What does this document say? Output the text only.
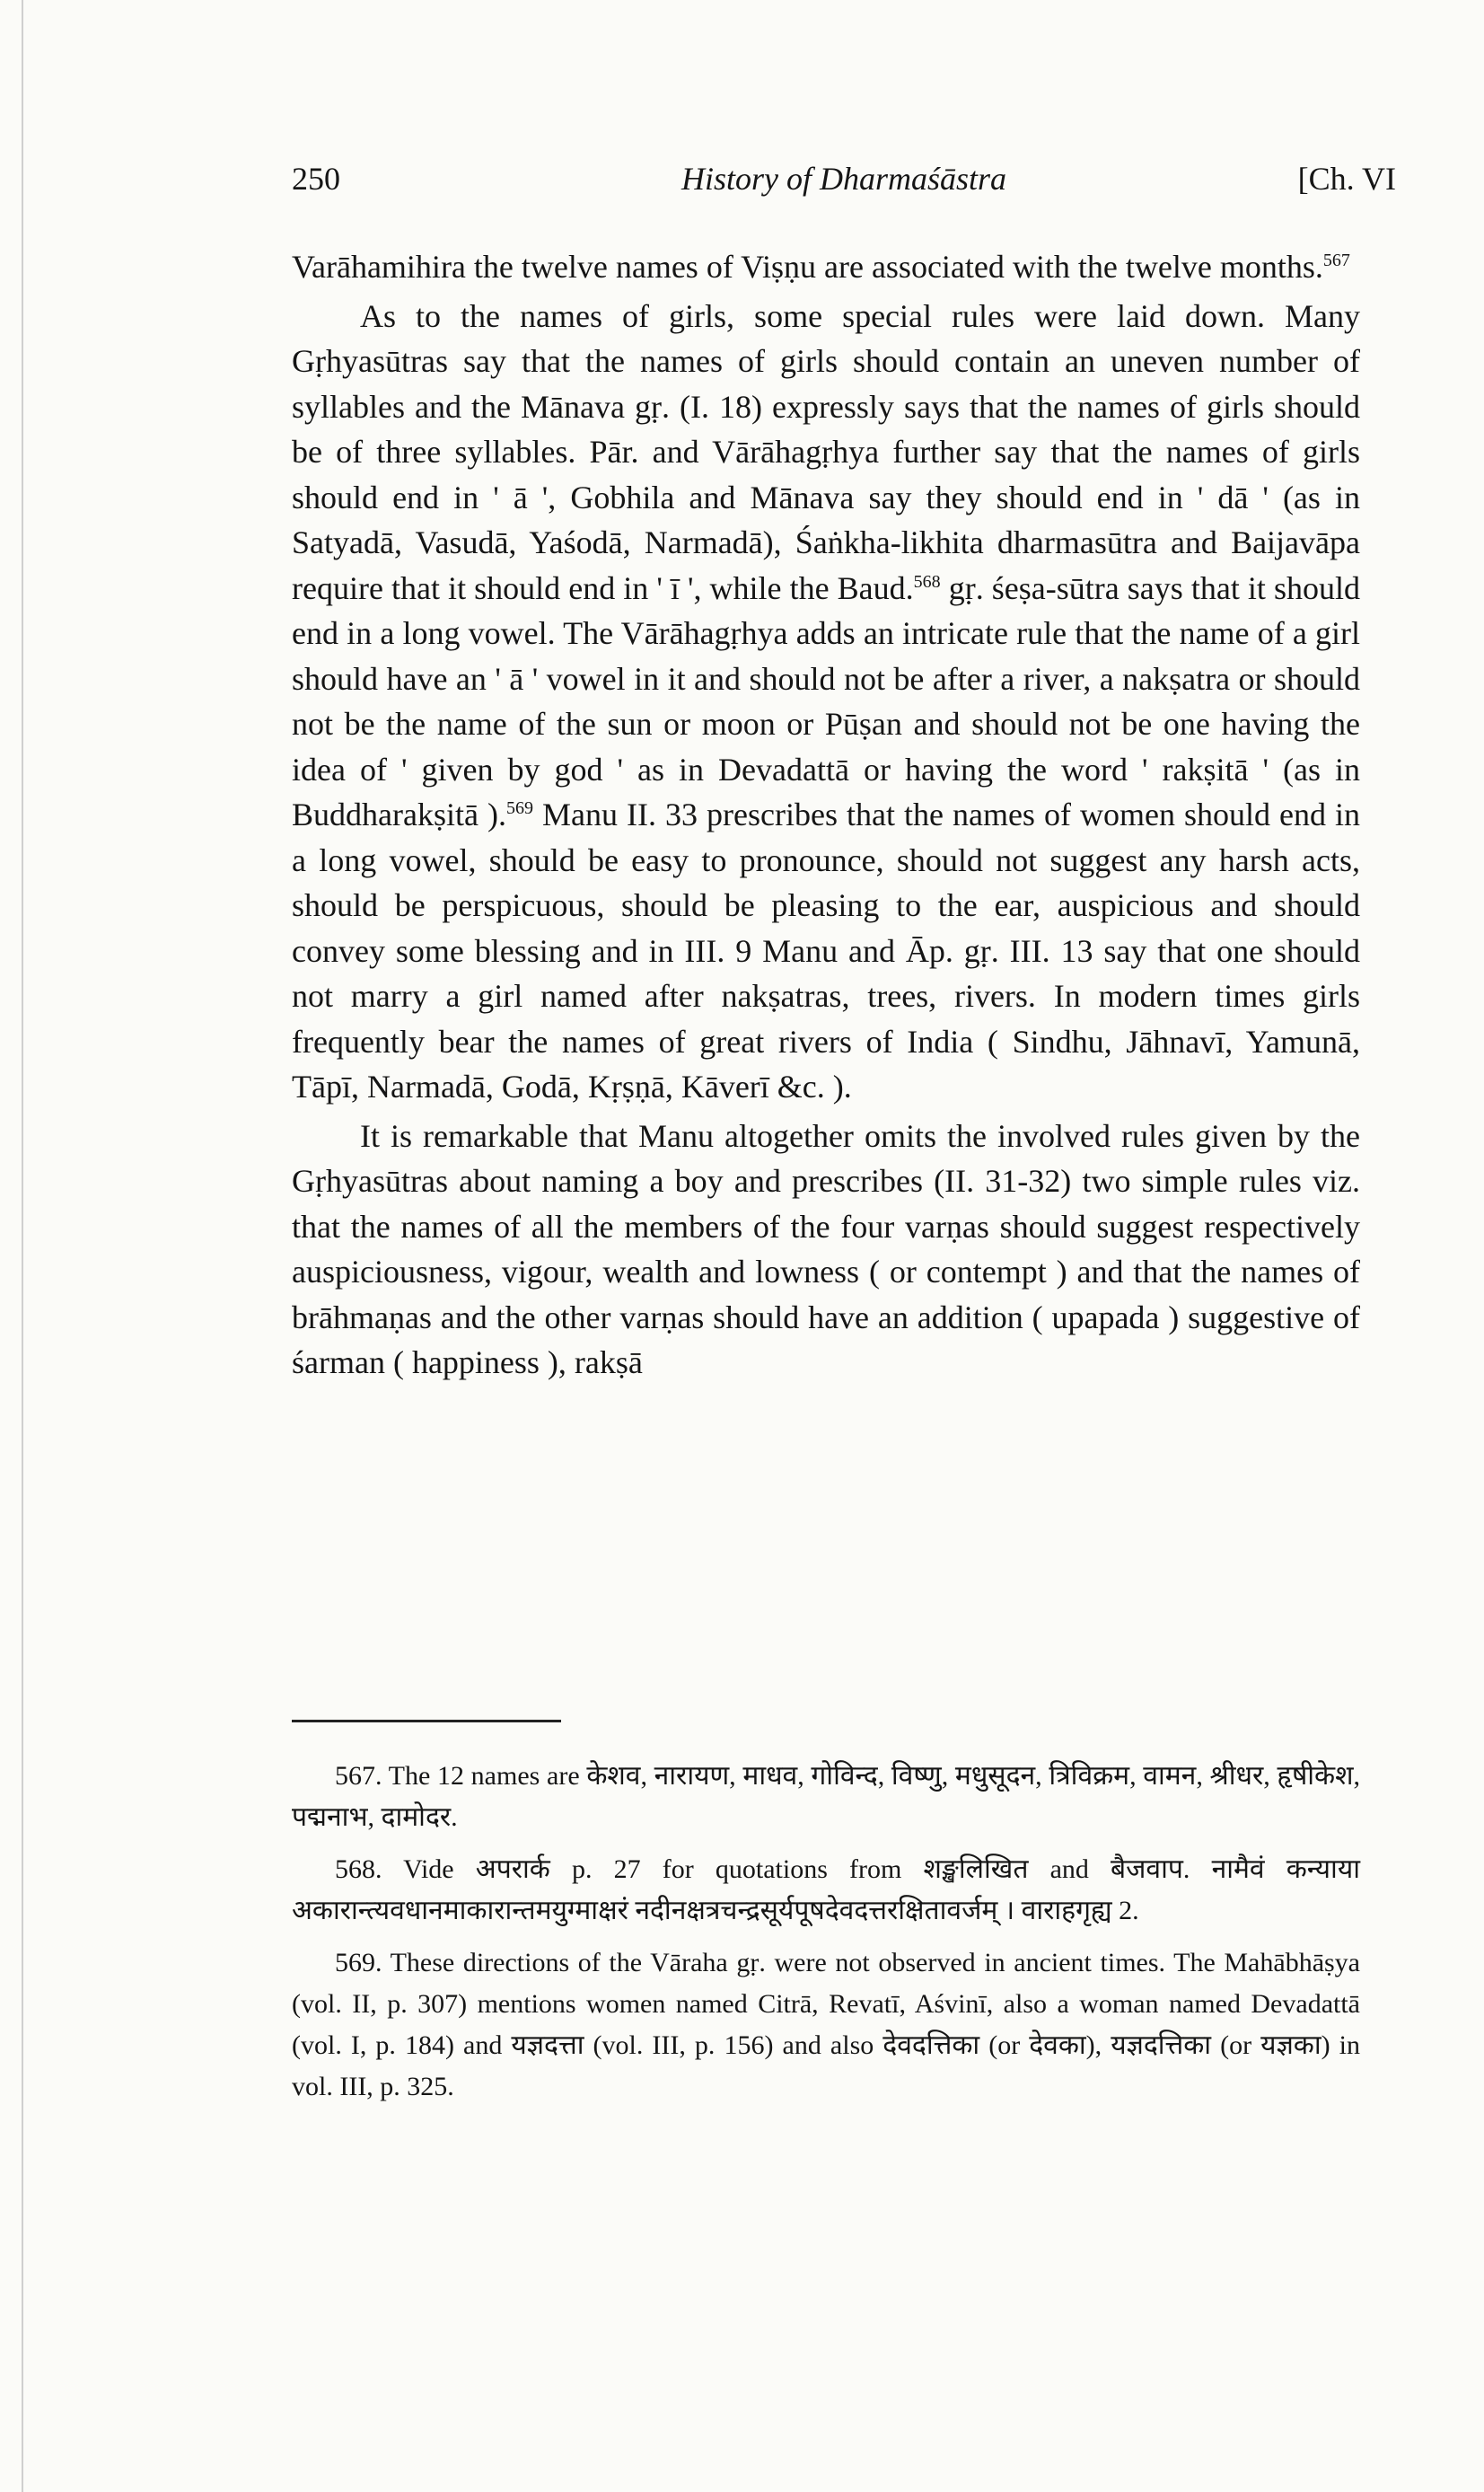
250	History of Dharmaśāstra	[Ch. VI

Varāhamihira the twelve names of Viṣṇu are associated with the twelve months.$^{567}$

As to the names of girls, some special rules were laid down. Many Gṛhyasūtras say that the names of girls should contain an uneven number of syllables and the Mānava gṛ. (I. 18) expressly says that the names of girls should be of three syllables. Pār. and Vārāhagṛhya further say that the names of girls should end in ' ā ', Gobhila and Mānava say they should end in ' dā ' (as in Satyadā, Vasudā, Yaśodā, Narmadā), Śaṅkha-likhita dharmasūtra and Baijavāpa require that it should end in ' ī ', while the Baud.$^{568}$ gṛ. śeṣa-sūtra says that it should end in a long vowel. The Vārāhagṛhya adds an intricate rule that the name of a girl should have an ' ā ' vowel in it and should not be after a river, a nakṣatra or should not be the name of the sun or moon or Pūṣan and should not be one having the idea of ' given by god ' as in Devadattā or having the word ' rakṣitā ' (as in Buddharakṣitā ).$^{569}$ Manu II. 33 prescribes that the names of women should end in a long vowel, should be easy to pronounce, should not suggest any harsh acts, should be perspicuous, should be pleasing to the ear, auspicious and should convey some blessing and in III. 9 Manu and Āp. gṛ. III. 13 say that one should not marry a girl named after nakṣatras, trees, rivers. In modern times girls frequently bear the names of great rivers of India ( Sindhu, Jāhnavī, Yamunā, Tāpī, Narmadā, Godā, Kṛṣṇā, Kāverī &c. ).

It is remarkable that Manu altogether omits the involved rules given by the Gṛhyasūtras about naming a boy and prescribes (II. 31-32) two simple rules viz. that the names of all the members of the four varṇas should suggest respectively auspiciousness, vigour, wealth and lowness ( or contempt ) and that the names of brāhmaṇas and the other varṇas should have an addition ( upapada ) suggestive of śarman ( happiness ), rakṣā

567. The 12 names are केशव, नारायण, माधव, गोविन्द, विष्णु, मधुसूदन, त्रिविक्रम, वामन, श्रीधर, हृषीकेश, पद्मनाभ, दामोदर.

568. Vide अपरार्क p. 27 for quotations from शङ्खलिखित and बैजवाप. नामैवं कन्याया अकारान्त्यवधानमाकारान्तमयुग्माक्षरं नदीनक्षत्रचन्द्रसूर्यपूषदेवदत्तरक्षितावर्जम् । वाराहगृह्य 2.

569. These directions of the Vāraha gṛ. were not observed in ancient times. The Mahābhāṣya (vol. II, p. 307) mentions women named Citrā, Revatī, Aśvinī, also a woman named Devadattā (vol. I, p. 184) and यज्ञदत्ता (vol. III, p. 156) and also देवदत्तिका (or देवका), यज्ञदत्तिका (or यज्ञका) in vol. III, p. 325.
